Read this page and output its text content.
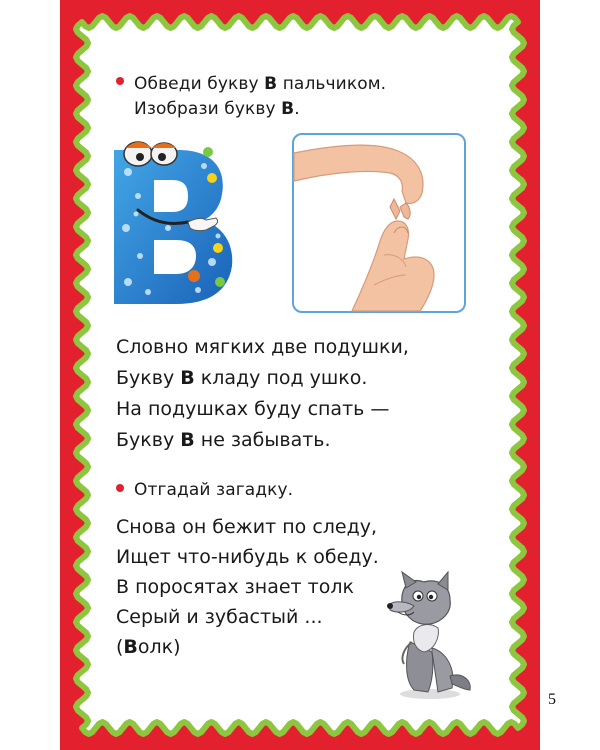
5
Обведи букву В пальчиком.
Изобрази букву В.
Словно мягких две подушки,
Букву В кладу под ушко.
На подушках буду спать —
Букву В не забывать.
Отгадай загадку.
Снова он бежит по следу,
Ищет что-нибудь к обеду.
В поросятах знает толк
Серый и зубастый ...
(Волк)
